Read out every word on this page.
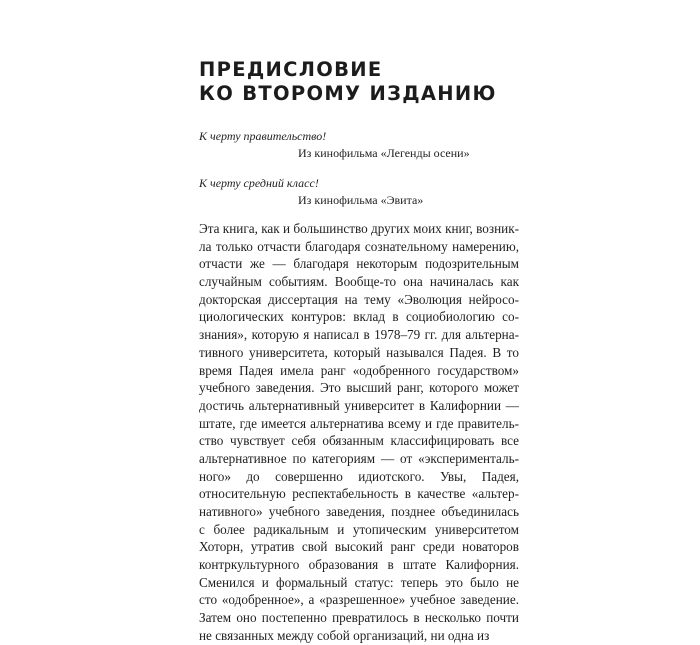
ПРЕДИСЛОВИЕ
КО ВТОРОМУ ИЗДАНИЮ
К черту правительство!
Из кинофильма «Легенды осени»
К черту средний класс!
Из кинофильма «Эвита»
Эта книга, как и большинство других моих книг, возник-
ла только отчасти благодаря сознательному намерению,
отчасти же — благодаря некоторым подозрительным
случайным событиям. Вообще-то она начиналась как
докторская диссертация на тему «Эволюция нейросо-
циологических контуров: вклад в социобиологию со-
знания», которую я написал в 1978–79 гг. для альтерна-
тивного университета, который назывался Падея. В то
время Падея имела ранг «одобренного государством»
учебного заведения. Это высший ранг, которого может
достичь альтернативный университет в Калифорнии —
штате, где имеется альтернатива всему и где правитель-
ство чувствует себя обязанным классифицировать все
альтернативное по категориям — от «эксперименталь-
ного» до совершенно идиотского. Увы, Падея,
относительную респектабельность в качестве «альтер-
нативного» учебного заведения, позднее объединилась
с более радикальным и утопическим университетом
Хоторн, утратив свой высокий ранг среди новаторов
контркультурного образования в штате Калифорния.
Сменился и формальный статус: теперь это было не
сто «одобренное», а «разрешенное» учебное заведение.
Затем оно постепенно превратилось в несколько почти
не связанных между собой организаций, ни одна из
